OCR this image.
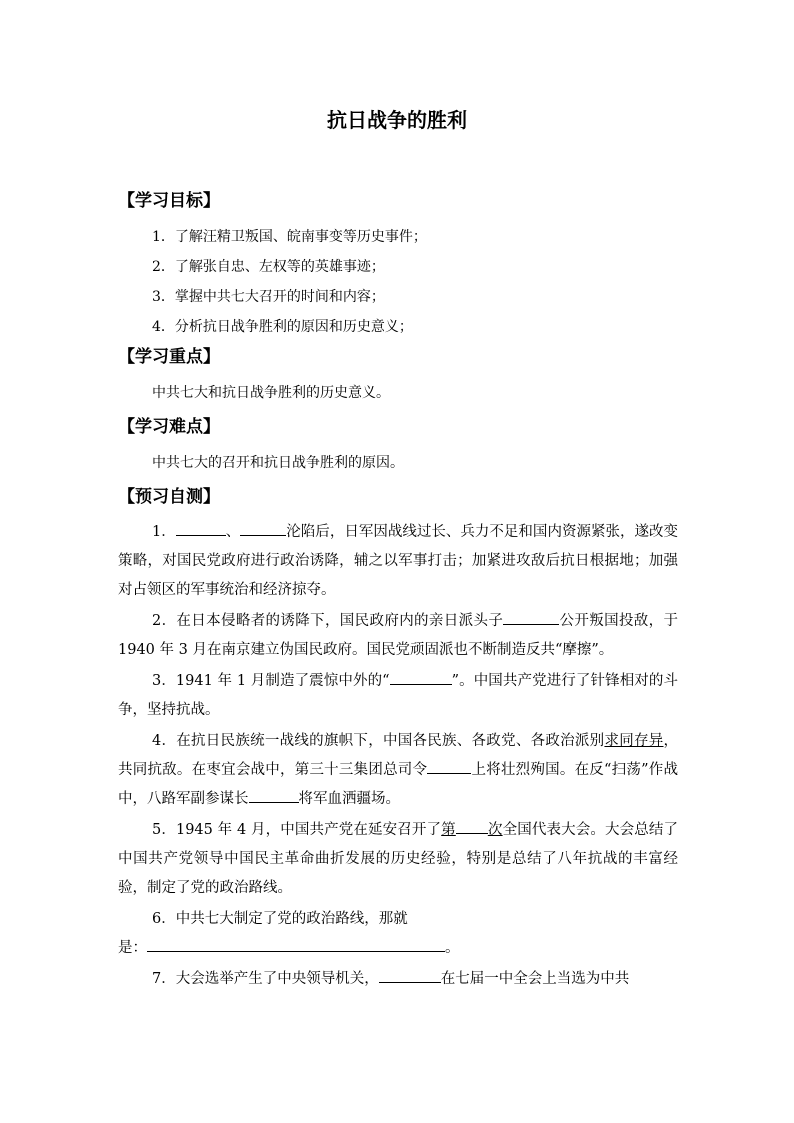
抗日战争的胜利
【学习目标】
1．了解汪精卫叛国、皖南事变等历史事件；
2．了解张自忠、左权等的英雄事迹；
3．掌握中共七大召开的时间和内容；
4．分析抗日战争胜利的原因和历史意义；
【学习重点】
中共七大和抗日战争胜利的历史意义。
【学习难点】
中共七大的召开和抗日战争胜利的原因。
【预习自测】
1．	、	沦陷后，日军因战线过长、兵力不足和国内资源紧张，遂改变策略，对国民党政府进行政治诱降，辅之以军事打击；加紧进攻敌后抗日根据地；加强对占领区的军事统治和经济掠夺。
2．在日本侵略者的诱降下，国民政府内的亲日派头子	公开叛国投敌，于 1940 年 3 月在南京建立伪国民政府。国民党顽固派也不断制造反共“摩擦”。
3．1941 年 1 月制造了震惊中外的“	”。中国共产党进行了针锋相对的斗争，坚持抗战。
4．在抗日民族统一战线的旗帜下，中国各民族、各政党、各政治派别求同存异，共同抗敌。在枣宜会战中，第三十三集团总司令	上将壮烈殉国。在反“扫荡”作战中，八路军副参谋长	将军血洒疆场。
5．1945 年 4 月，中国共产党在延安召开了第 次全国代表大会。大会总结了中国共产党领导中国民主革命曲折发展的历史经验，特别是总结了八年抗战的丰富经验，制定了党的政治路线。
6．中共七大制定了党的政治路线，那就
是：	。
7．大会选举产生了中央领导机关，	在七届一中全会上当选为中共
